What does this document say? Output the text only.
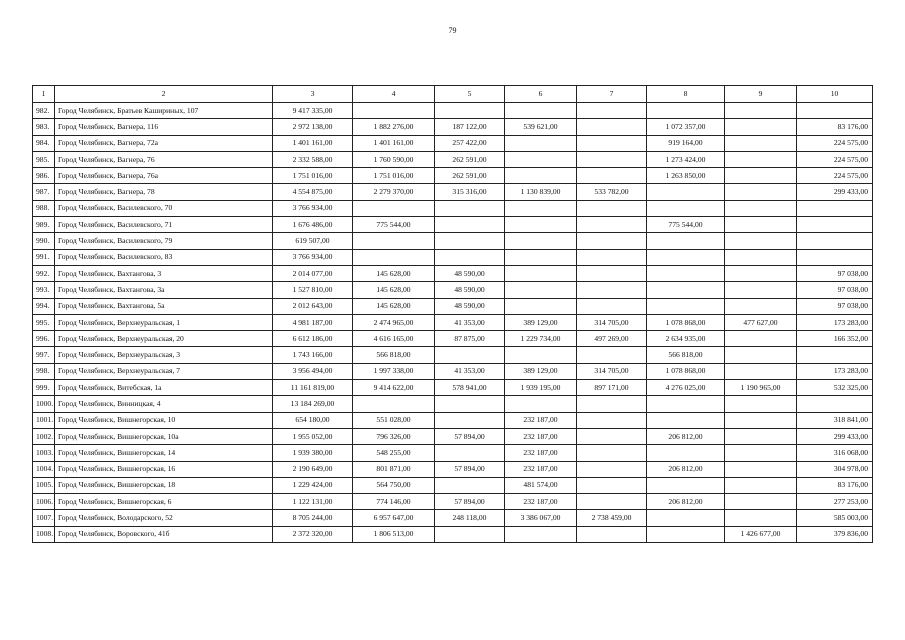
79
1	2	3	4	5	6	7	8	9	10
982.	Город Челябинск, Братьев Кашириных, 107	9 417 335,00							
983.	Город Челябинск, Вагнера, 116	2 972 138,00	1 882 276,00	187 122,00	539 621,00		1 072 357,00		83 176,00
984.	Город Челябинск, Вагнера, 72а	1 401 161,00	1 401 161,00	257 422,00			919 164,00		224 575,00
985.	Город Челябинск, Вагнера, 76	2 332 588,00	1 760 590,00	262 591,00			1 273 424,00		224 575,00
986.	Город Челябинск, Вагнера, 76а	1 751 016,00	1 751 016,00	262 591,00			1 263 850,00		224 575,00
987.	Город Челябинск, Вагнера, 78	4 554 875,00	2 279 370,00	315 316,00	1 130 839,00	533 782,00			299 433,00
988.	Город Челябинск, Василевского, 70	3 766 934,00							
989.	Город Челябинск, Василевского, 71	1 676 486,00	775 544,00				775 544,00		
990.	Город Челябинск, Василевского, 79	619 507,00							
991.	Город Челябинск, Василевского, 83	3 766 934,00							
992.	Город Челябинск, Вахтангова, 3	2 014 077,00	145 628,00	48 590,00					97 038,00
993.	Город Челябинск, Вахтангова, 3а	1 527 810,00	145 628,00	48 590,00					97 038,00
994.	Город Челябинск, Вахтангова, 5а	2 012 643,00	145 628,00	48 590,00					97 038,00
995.	Город Челябинск, Верхнеуральская, 1	4 981 187,00	2 474 965,00	41 353,00	389 129,00	314 705,00	1 078 868,00	477 627,00	173 283,00
996.	Город Челябинск, Верхнеуральская, 20	6 612 186,00	4 616 165,00	87 875,00	1 229 734,00	497 269,00	2 634 935,00		166 352,00
997.	Город Челябинск, Верхнеуральская, 3	1 743 166,00	566 818,00				566 818,00		
998.	Город Челябинск, Верхнеуральская, 7	3 956 494,00	1 997 338,00	41 353,00	389 129,00	314 705,00	1 078 868,00		173 283,00
999.	Город Челябинск, Витебская, 1а	11 161 819,00	9 414 622,00	578 941,00	1 939 195,00	897 171,00	4 276 025,00	1 190 965,00	532 325,00
1000.	Город Челябинск, Винницкая, 4	13 184 269,00							
1001.	Город Челябинск, Вишнегорская, 10	654 180,00	551 028,00		232 187,00				318 841,00
1002.	Город Челябинск, Вишнегорская, 10а	1 955 052,00	796 326,00	57 894,00	232 187,00		206 812,00		299 433,00
1003.	Город Челябинск, Вишнегорская, 14	1 939 380,00	548 255,00		232 187,00				316 068,00
1004.	Город Челябинск, Вишнегорская, 16	2 190 649,00	801 871,00	57 894,00	232 187,00		206 812,00		304 978,00
1005.	Город Челябинск, Вишнегорская, 18	1 229 424,00	564 750,00		481 574,00				83 176,00
1006.	Город Челябинск, Вишнегорская, 6	1 122 131,00	774 146,00	57 894,00	232 187,00		206 812,00		277 253,00
1007.	Город Челябинск, Володарского, 52	8 705 244,00	6 957 647,00	248 118,00	3 386 067,00	2 738 459,00			585 003,00
1008.	Город Челябинск, Воровского, 41б	2 372 320,00	1 806 513,00					1 426 677,00	379 836,00
